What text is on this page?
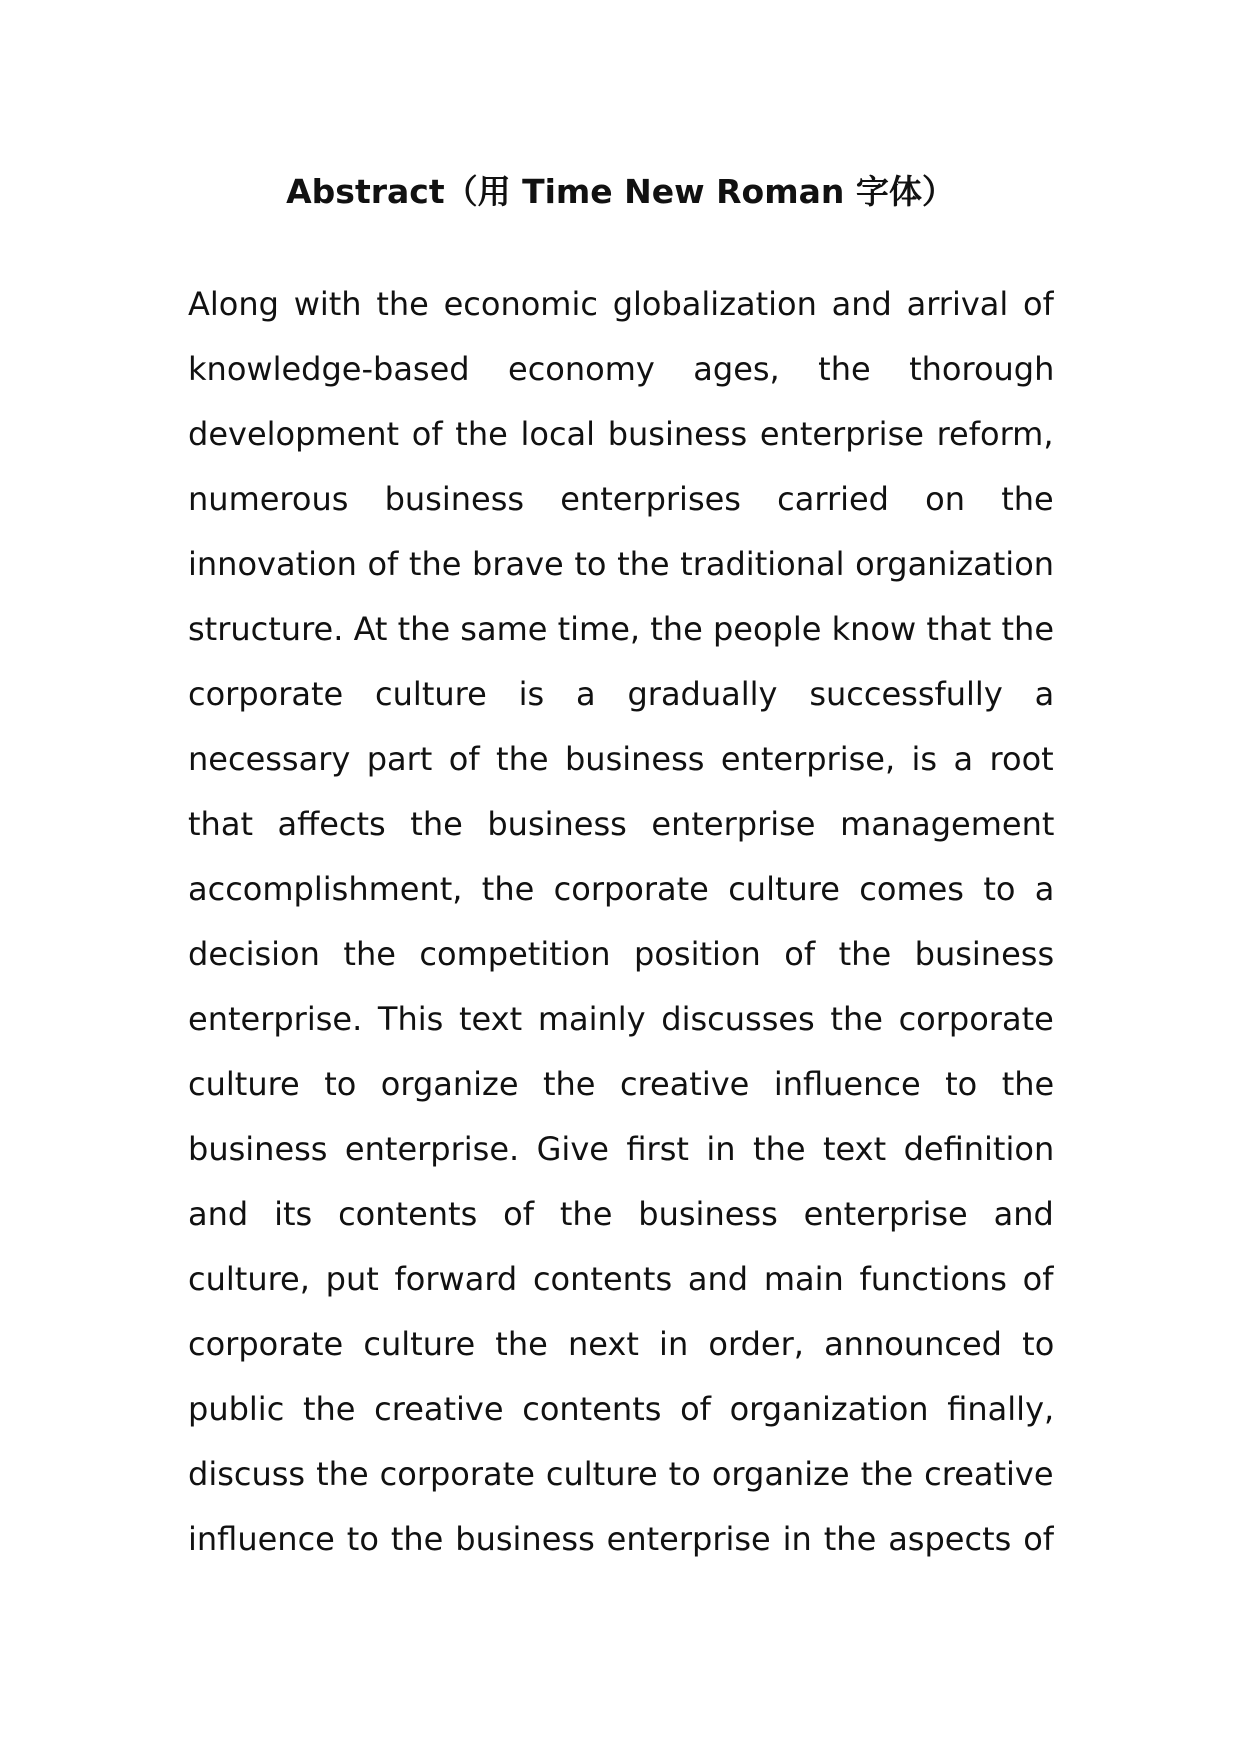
Abstract（用 Time New Roman 字体）
Along with the economic globalization and arrival of
knowledge-based economy ages, the thorough
development of the local business enterprise reform,
numerous business enterprises carried on the
innovation of the brave to the traditional organization
structure. At the same time, the people know that the
corporate culture is a gradually successfully a
necessary part of the business enterprise, is a root
that affects the business enterprise management
accomplishment, the corporate culture comes to a
decision the competition position of the business
enterprise. This text mainly discusses the corporate
culture to organize the creative influence to the
business enterprise. Give first in the text definition
and its contents of the business enterprise and
culture, put forward contents and main functions of
corporate culture the next in order, announced to
public the creative contents of organization finally,
discuss the corporate culture to organize the creative
influence to the business enterprise in the aspects of
